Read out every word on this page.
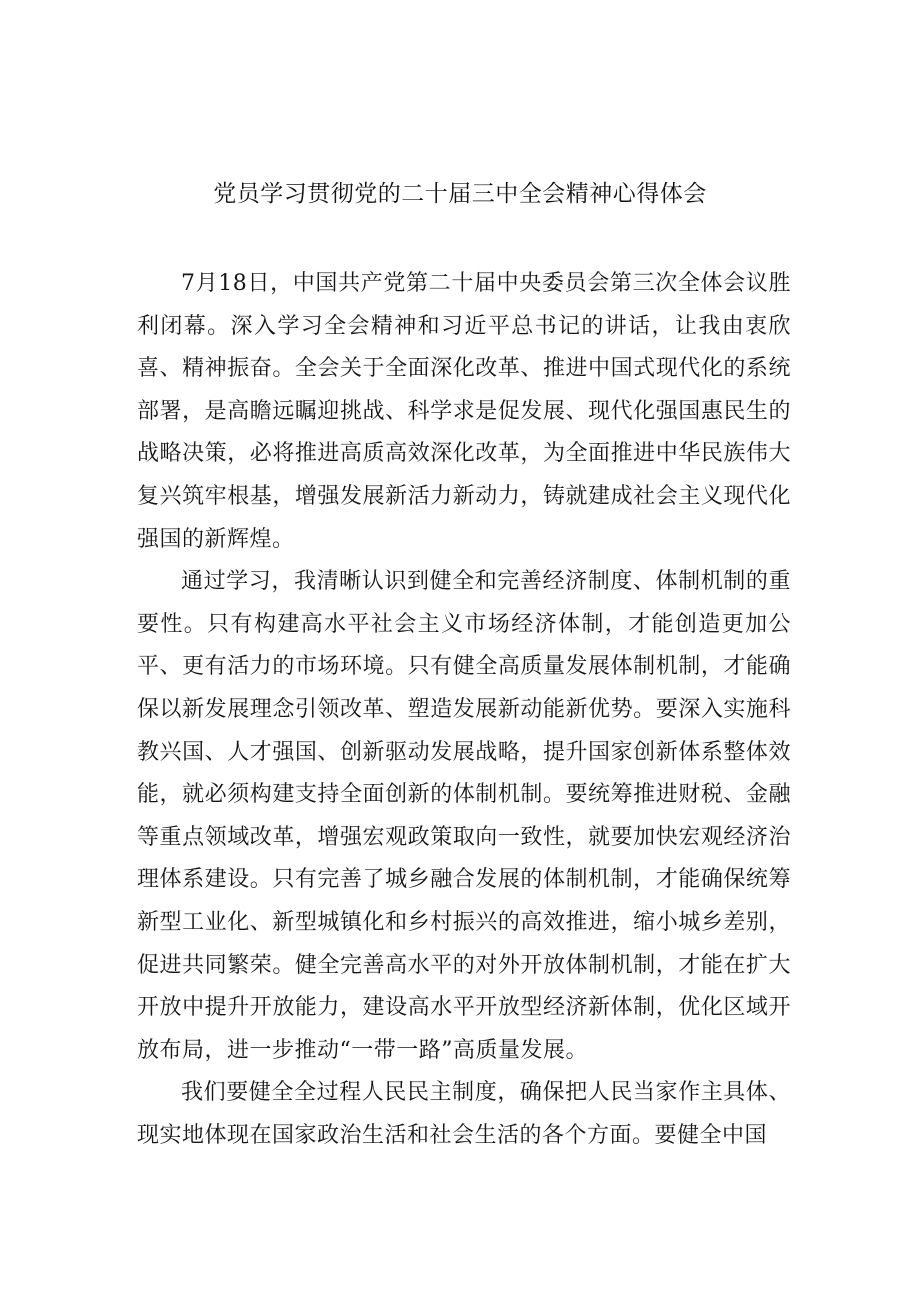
党员学习贯彻党的二十届三中全会精神心得体会

7月18日，中国共产党第二十届中央委员会第三次全体会议胜利闭幕。深入学习全会精神和习近平总书记的讲话，让我由衷欣喜、精神振奋。全会关于全面深化改革、推进中国式现代化的系统部署，是高瞻远瞩迎挑战、科学求是促发展、现代化强国惠民生的战略决策，必将推进高质高效深化改革，为全面推进中华民族伟大复兴筑牢根基，增强发展新活力新动力，铸就建成社会主义现代化强国的新辉煌。

通过学习，我清晰认识到健全和完善经济制度、体制机制的重要性。只有构建高水平社会主义市场经济体制，才能创造更加公平、更有活力的市场环境。只有健全高质量发展体制机制，才能确保以新发展理念引领改革、塑造发展新动能新优势。要深入实施科教兴国、人才强国、创新驱动发展战略，提升国家创新体系整体效能，就必须构建支持全面创新的体制机制。要统筹推进财税、金融等重点领域改革，增强宏观政策取向一致性，就要加快宏观经济治理体系建设。只有完善了城乡融合发展的体制机制，才能确保统筹新型工业化、新型城镇化和乡村振兴的高效推进，缩小城乡差别，促进共同繁荣。健全完善高水平的对外开放体制机制，才能在扩大开放中提升开放能力，建设高水平开放型经济新体制，优化区域开放布局，进一步推动“一带一路”高质量发展。

我们要健全全过程人民民主制度，确保把人民当家作主具体、现实地体现在国家政治生活和社会生活的各个方面。要健全中国
